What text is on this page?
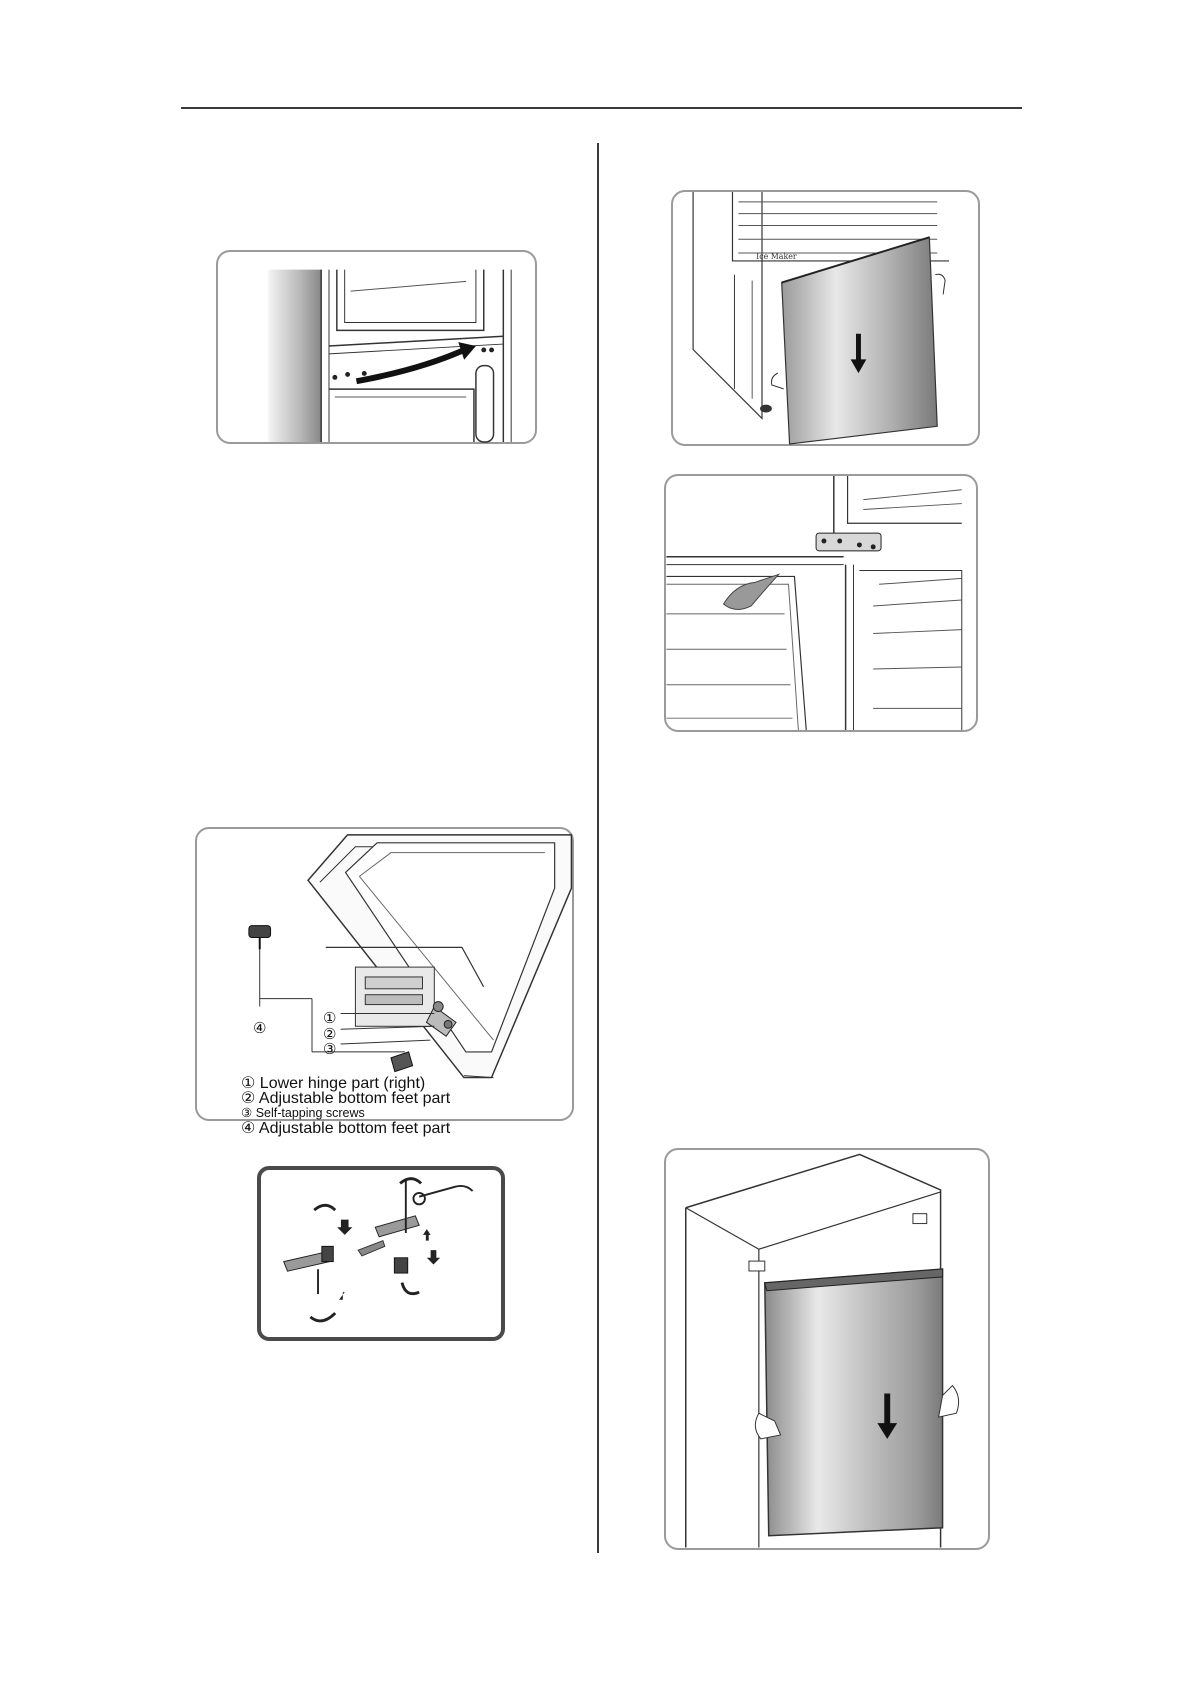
④
①
②
③
① Lower hinge part (right)
② Adjustable bottom feet part
③ Self-tapping screws
④ Adjustable bottom feet part
Ice Maker
